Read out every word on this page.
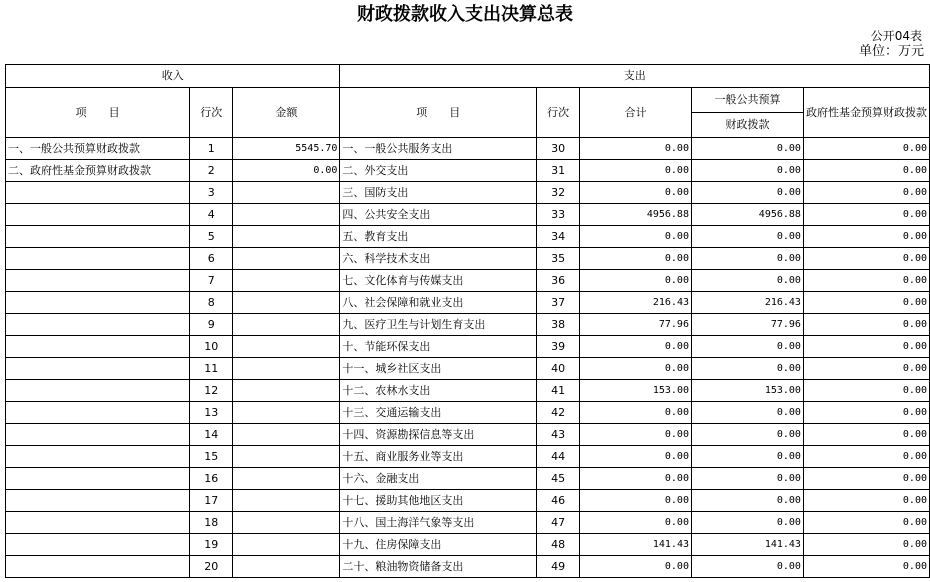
财政拨款收入支出决算总表
公开04表
单位：万元
收入			支出				
项　　目	行次	金额	项　　目	行次	合计	一般公共预算	政府性基金预算财政拨款
						财政拨款	
一、一般公共预算财政拨款	1	5545.70	一、一般公共服务支出	30	0.00	0.00	0.00
二、政府性基金预算财政拨款	2	0.00	二、外交支出	31	0.00	0.00	0.00
	3		三、国防支出	32	0.00	0.00	0.00
	4		四、公共安全支出	33	4956.88	4956.88	0.00
	5		五、教育支出	34	0.00	0.00	0.00
	6		六、科学技术支出	35	0.00	0.00	0.00
	7		七、文化体育与传媒支出	36	0.00	0.00	0.00
	8		八、社会保障和就业支出	37	216.43	216.43	0.00
	9		九、医疗卫生与计划生育支出	38	77.96	77.96	0.00
	10		十、节能环保支出	39	0.00	0.00	0.00
	11		十一、城乡社区支出	40	0.00	0.00	0.00
	12		十二、农林水支出	41	153.00	153.00	0.00
	13		十三、交通运输支出	42	0.00	0.00	0.00
	14		十四、资源勘探信息等支出	43	0.00	0.00	0.00
	15		十五、商业服务业等支出	44	0.00	0.00	0.00
	16		十六、金融支出	45	0.00	0.00	0.00
	17		十七、援助其他地区支出	46	0.00	0.00	0.00
	18		十八、国土海洋气象等支出	47	0.00	0.00	0.00
	19		十九、住房保障支出	48	141.43	141.43	0.00
	20		二十、粮油物资储备支出	49	0.00	0.00	0.00
